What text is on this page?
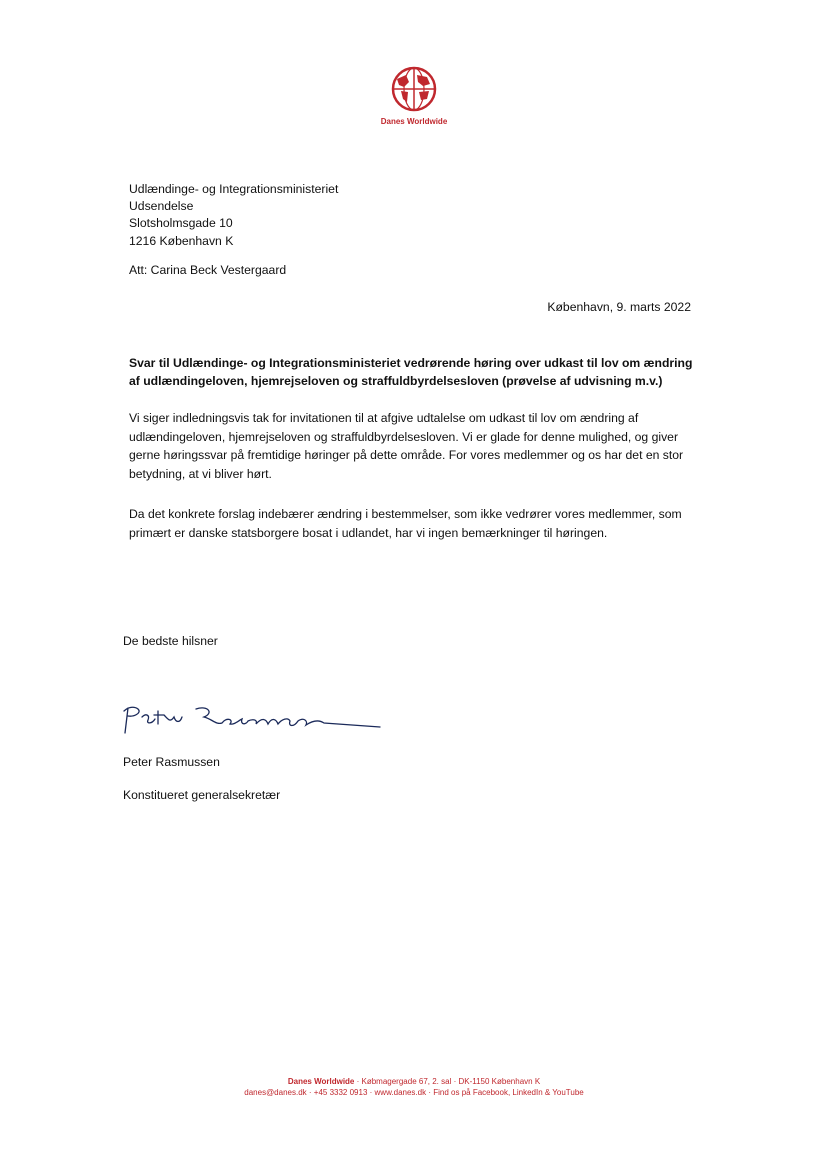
Danes Worldwide
Udlændinge- og Integrationsministeriet
Udsendelse
Slotsholmsgade 10
1216 København K
Att: Carina Beck Vestergaard
København, 9. marts 2022
Svar til Udlændinge- og Integrationsministeriet vedrørende høring over udkast til lov om ændring af udlændingeloven, hjemrejseloven og straffuldbyrdelsesloven (prøvelse af udvisning m.v.)
Vi siger indledningsvis tak for invitationen til at afgive udtalelse om udkast til lov om ændring af udlændingeloven, hjemrejseloven og straffuldbyrdelsesloven. Vi er glade for denne mulighed, og giver gerne høringssvar på fremtidige høringer på dette område. For vores medlemmer og os har det en stor betydning, at vi bliver hørt.
Da det konkrete forslag indebærer ændring i bestemmelser, som ikke vedrører vores medlemmer, som primært er danske statsborgere bosat i udlandet, har vi ingen bemærkninger til høringen.
De bedste hilsner
Peter Rasmussen
Konstitueret generalsekretær
Danes Worldwide · Købmagergade 67, 2. sal · DK-1150 København K
danes@danes.dk · +45 3332 0913 · www.danes.dk · Find os på Facebook, LinkedIn & YouTube
